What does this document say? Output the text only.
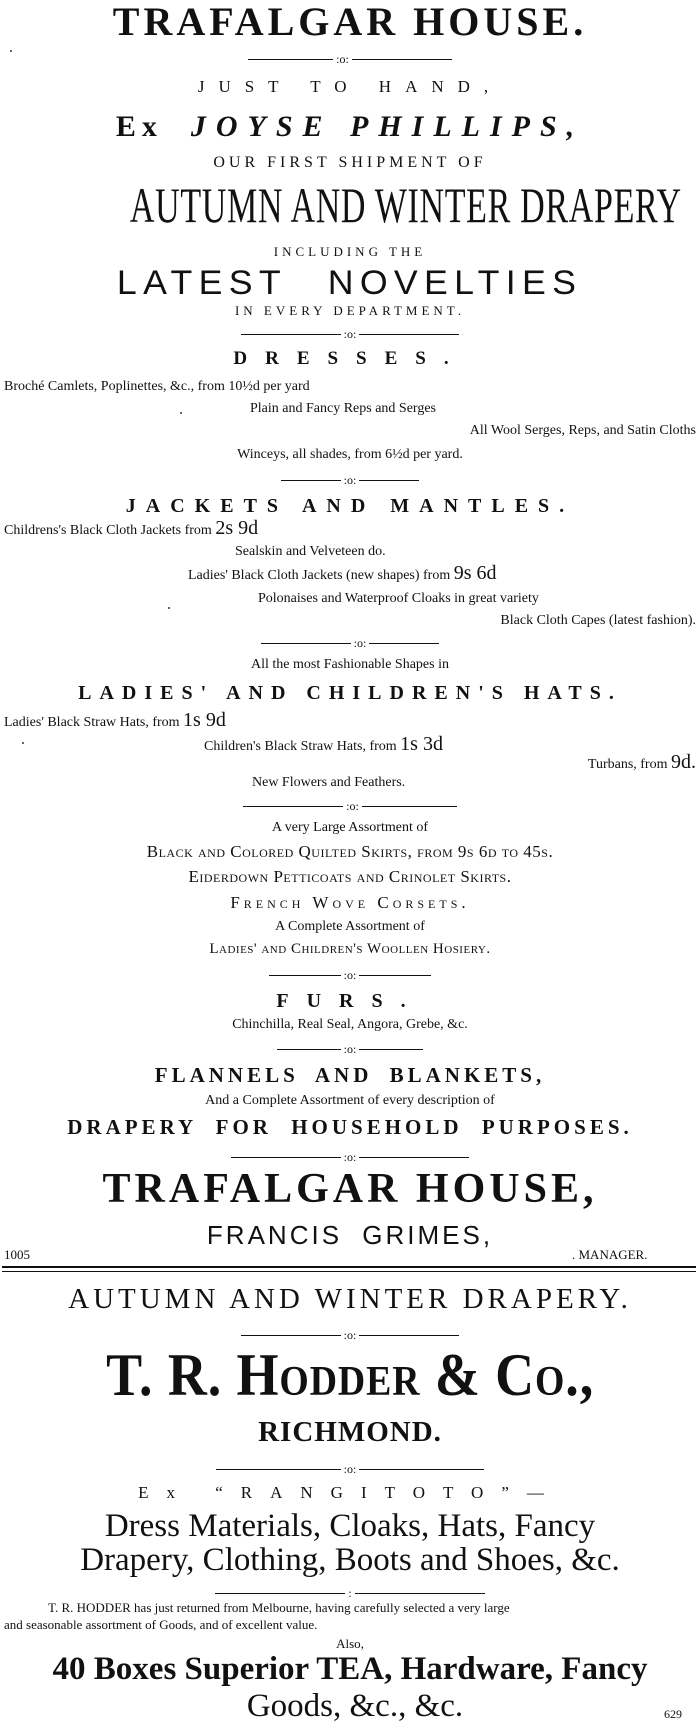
TRAFALGAR HOUSE.
:o:
JUST TO HAND,
Ex JOYSE PHILLIPS,
OUR FIRST SHIPMENT OF
AUTUMN AND WINTER DRAPERY
INCLUDING THE
LATEST NOVELTIES
IN EVERY DEPARTMENT.
:o:
DRESSES.
Broché Camlets, Poplinettes, &c., from 10½d per yard
Plain and Fancy Reps and Serges
All Wool Serges, Reps, and Satin Cloths
Winceys, all shades, from 6½d per yard.
:o:
JACKETS AND MANTLES.
Childrens's Black Cloth Jackets from 2s 9d
Sealskin and Velveteen do.
Ladies' Black Cloth Jackets (new shapes) from 9s 6d
Polonaises and Waterproof Cloaks in great variety
Black Cloth Capes (latest fashion).
:o:
All the most Fashionable Shapes in
LADIES' AND CHILDREN'S HATS.
Ladies' Black Straw Hats, from 1s 9d
Children's Black Straw Hats, from 1s 3d
Turbans, from 9d.
New Flowers and Feathers.
:o:
A very Large Assortment of
Black and Colored Quilted Skirts, from 9s 6d to 45s.
Eiderdown Petticoats and Crinolet Skirts.
French Wove Corsets.
A Complete Assortment of
Ladies' and Children's Woollen Hosiery.
:o:
FURS.
Chinchilla, Real Seal, Angora, Grebe, &c.
:o:
FLANNELS AND BLANKETS,
And a Complete Assortment of every description of
DRAPERY FOR HOUSEHOLD PURPOSES.
:o:
TRAFALGAR HOUSE,
FRANCIS GRIMES,
1005	. MANAGER.
AUTUMN AND WINTER DRAPERY.
:o:
T. R. Hodder & Co.,
RICHMOND.
:o:
Ex “RANGITOTO”—
Dress Materials, Cloaks, Hats, Fancy
Drapery, Clothing, Boots and Shoes, &c.
:
T. R. HODDER has just returned from Melbourne, having carefully selected a very large
and seasonable assortment of Goods, and of excellent value.
Also,
40 Boxes Superior TEA, Hardware, Fancy
Goods, &c., &c.	629
